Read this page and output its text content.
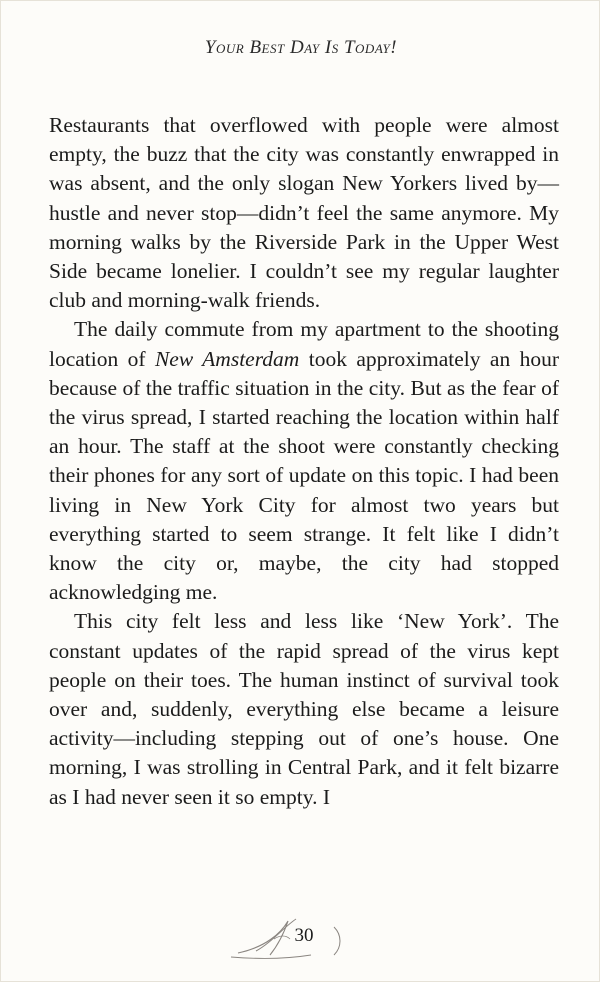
Your Best Day Is Today!

Restaurants that overflowed with people were almost empty, the buzz that the city was constantly enwrapped in was absent, and the only slogan New Yorkers lived by—hustle and never stop—didn’t feel the same anymore. My morning walks by the Riverside Park in the Upper West Side became lonelier. I couldn’t see my regular laughter club and morning-walk friends.

The daily commute from my apartment to the shooting location of New Amsterdam took approximately an hour because of the traffic situation in the city. But as the fear of the virus spread, I started reaching the location within half an hour. The staff at the shoot were constantly checking their phones for any sort of update on this topic. I had been living in New York City for almost two years but everything started to seem strange. It felt like I didn’t know the city or, maybe, the city had stopped acknowledging me.

This city felt less and less like ‘New York’. The constant updates of the rapid spread of the virus kept people on their toes. The human instinct of survival took over and, suddenly, everything else became a leisure activity—including stepping out of one’s house. One morning, I was strolling in Central Park, and it felt bizarre as I had never seen it so empty. I

30
